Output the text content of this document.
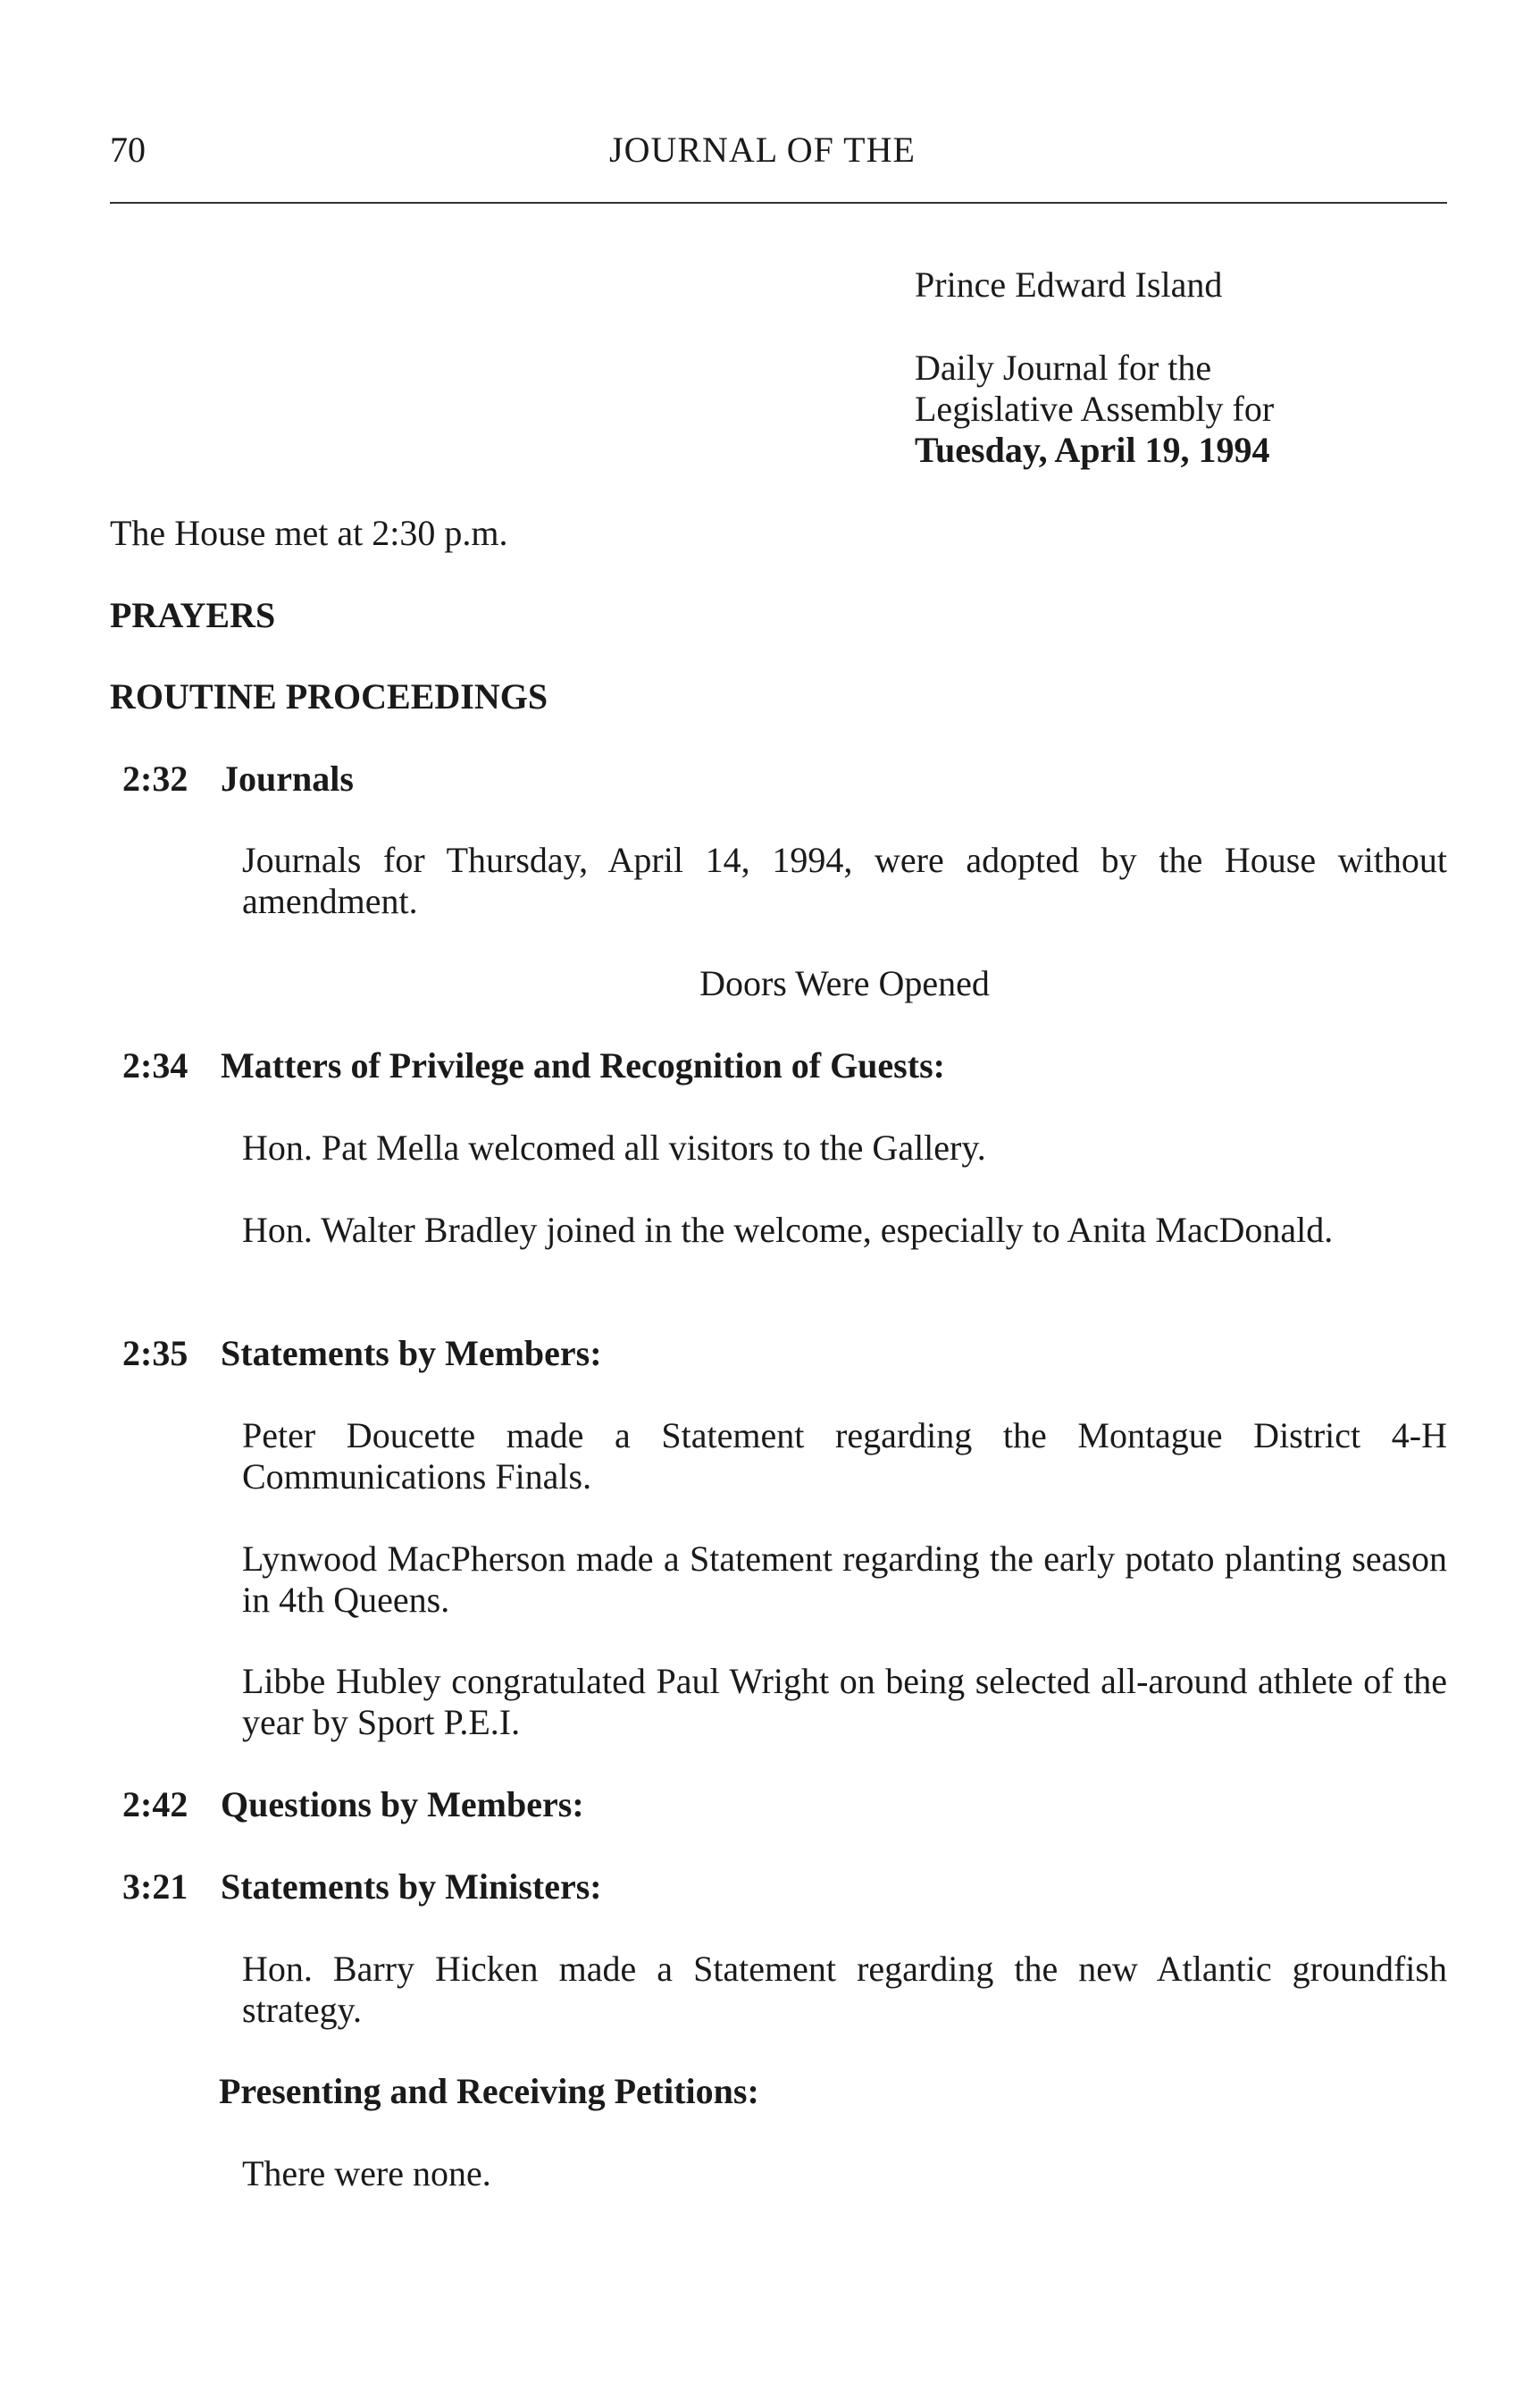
70	JOURNAL OF THE
Prince Edward Island
Daily Journal for the
Legislative Assembly for
Tuesday, April 19, 1994
The House met at 2:30 p.m.
PRAYERS
ROUTINE PROCEEDINGS
2:32 Journals
Journals for Thursday, April 14, 1994, were adopted by the House without amendment.
Doors Were Opened
2:34 Matters of Privilege and Recognition of Guests:
Hon. Pat Mella welcomed all visitors to the Gallery.
Hon. Walter Bradley joined in the welcome, especially to Anita MacDonald.
2:35 Statements by Members:
Peter Doucette made a Statement regarding the Montague District 4-H Communications Finals.
Lynwood MacPherson made a Statement regarding the early potato planting season in 4th Queens.
Libbe Hubley congratulated Paul Wright on being selected all-around athlete of the year by Sport P.E.I.
2:42 Questions by Members:
3:21 Statements by Ministers:
Hon. Barry Hicken made a Statement regarding the new Atlantic groundfish strategy.
Presenting and Receiving Petitions:
There were none.
